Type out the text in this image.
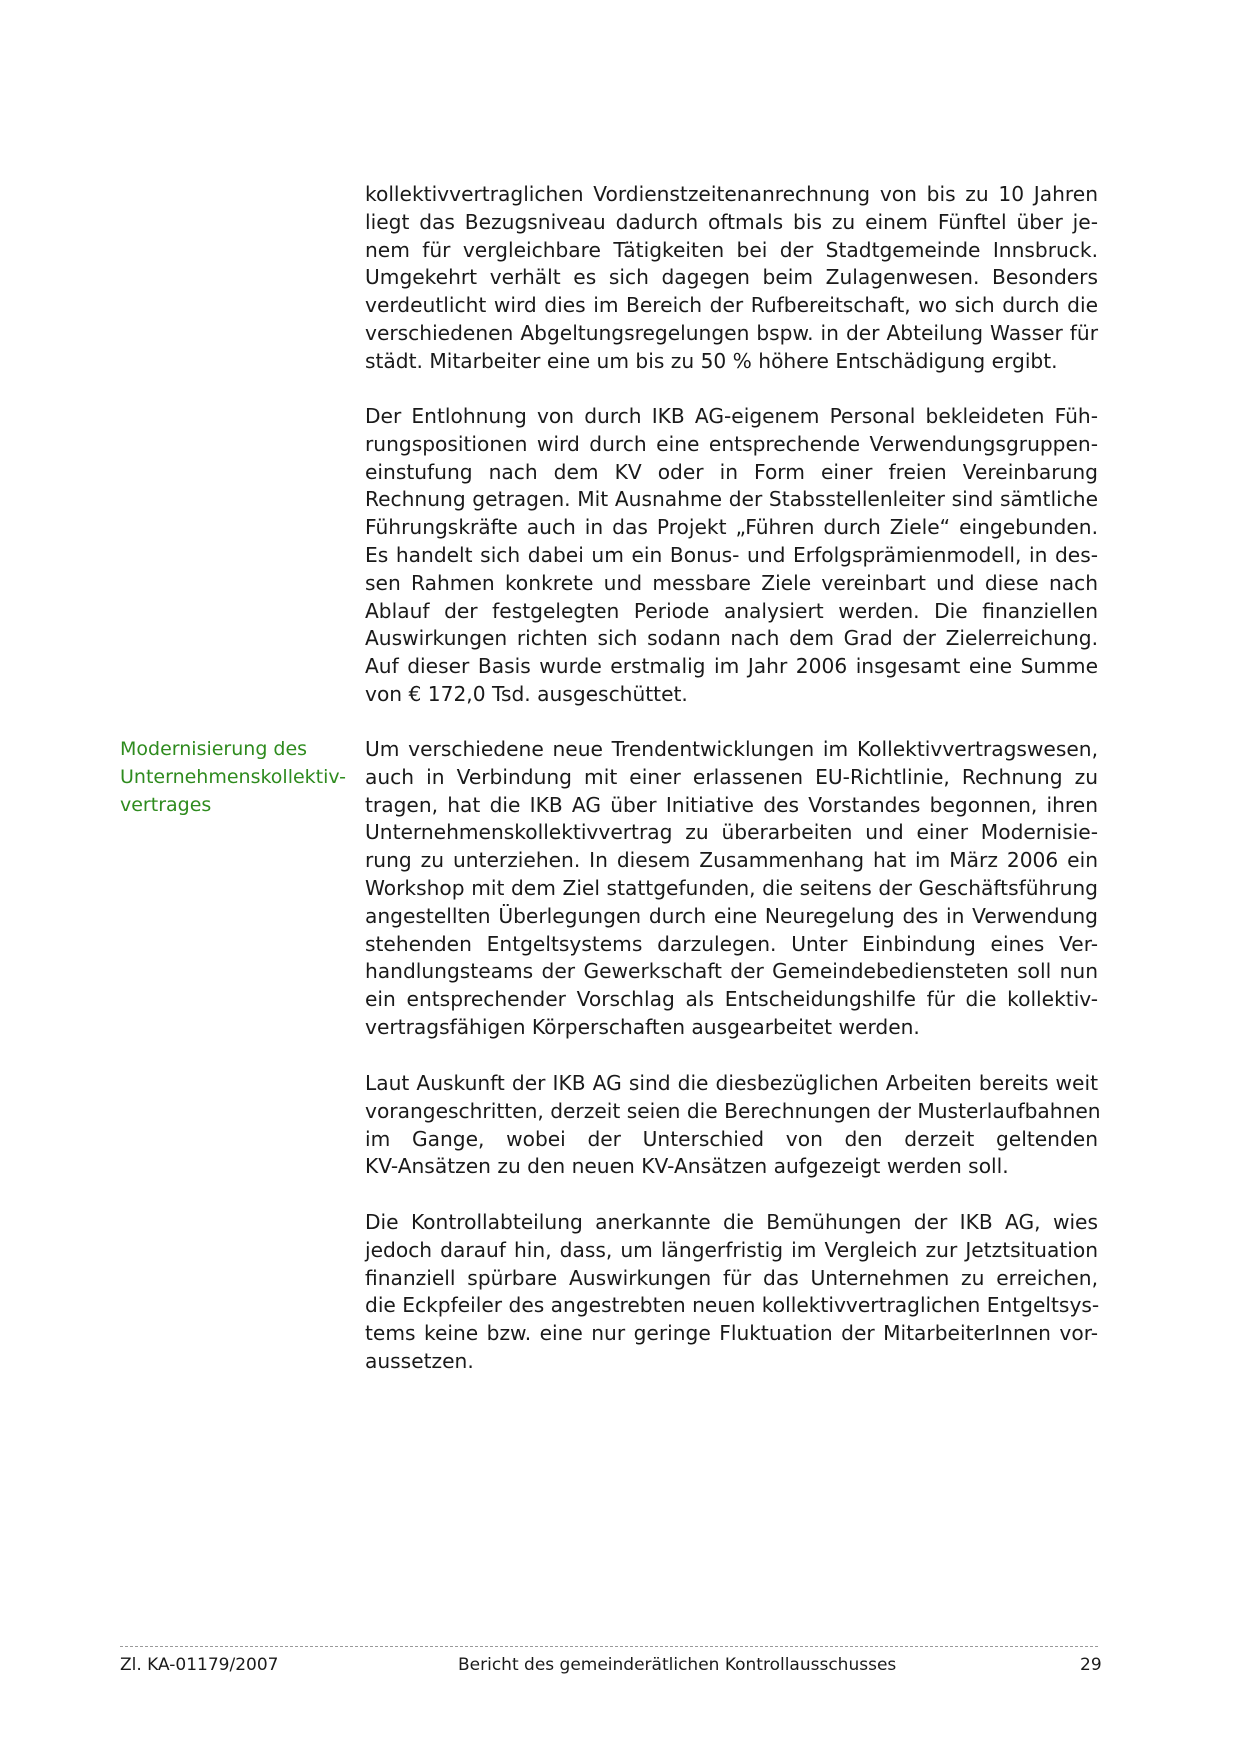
kollektivvertraglichen Vordienstzeitenanrechnung von bis zu 10 Jahren
liegt das Bezugsniveau dadurch oftmals bis zu einem Fünftel über je-
nem für vergleichbare Tätigkeiten bei der Stadtgemeinde Innsbruck.
Umgekehrt verhält es sich dagegen beim Zulagenwesen. Besonders
verdeutlicht wird dies im Bereich der Rufbereitschaft, wo sich durch die
verschiedenen Abgeltungsregelungen bspw. in der Abteilung Wasser für
städt. Mitarbeiter eine um bis zu 50 % höhere Entschädigung ergibt.
Der Entlohnung von durch IKB AG-eigenem Personal bekleideten Füh-
rungspositionen wird durch eine entsprechende Verwendungsgruppen-
einstufung nach dem KV oder in Form einer freien Vereinbarung
Rechnung getragen. Mit Ausnahme der Stabsstellenleiter sind sämtliche
Führungskräfte auch in das Projekt „Führen durch Ziele“ eingebunden.
Es handelt sich dabei um ein Bonus- und Erfolgsprämienmodell, in des-
sen Rahmen konkrete und messbare Ziele vereinbart und diese nach
Ablauf der festgelegten Periode analysiert werden. Die finanziellen
Auswirkungen richten sich sodann nach dem Grad der Zielerreichung.
Auf dieser Basis wurde erstmalig im Jahr 2006 insgesamt eine Summe
von € 172,0 Tsd. ausgeschüttet.
Modernisierung des
Unternehmenskollektiv-
vertrages
Um verschiedene neue Trendentwicklungen im Kollektivvertragswesen,
auch in Verbindung mit einer erlassenen EU-Richtlinie, Rechnung zu
tragen, hat die IKB AG über Initiative des Vorstandes begonnen, ihren
Unternehmenskollektivvertrag zu überarbeiten und einer Modernisie-
rung zu unterziehen. In diesem Zusammenhang hat im März 2006 ein
Workshop mit dem Ziel stattgefunden, die seitens der Geschäftsführung
angestellten Überlegungen durch eine Neuregelung des in Verwendung
stehenden Entgeltsystems darzulegen. Unter Einbindung eines Ver-
handlungsteams der Gewerkschaft der Gemeindebediensteten soll nun
ein entsprechender Vorschlag als Entscheidungshilfe für die kollektiv-
vertragsfähigen Körperschaften ausgearbeitet werden.
Laut Auskunft der IKB AG sind die diesbezüglichen Arbeiten bereits weit
vorangeschritten, derzeit seien die Berechnungen der Musterlaufbahnen
im Gange, wobei der Unterschied von den derzeit geltenden
KV-Ansätzen zu den neuen KV-Ansätzen aufgezeigt werden soll.
Die Kontrollabteilung anerkannte die Bemühungen der IKB AG, wies
jedoch darauf hin, dass, um längerfristig im Vergleich zur Jetztsituation
finanziell spürbare Auswirkungen für das Unternehmen zu erreichen,
die Eckpfeiler des angestrebten neuen kollektivvertraglichen Entgeltsys-
tems keine bzw. eine nur geringe Fluktuation der MitarbeiterInnen vor-
aussetzen.
Zl. KA-01179/2007	Bericht des gemeinderätlichen Kontrollausschusses	29
